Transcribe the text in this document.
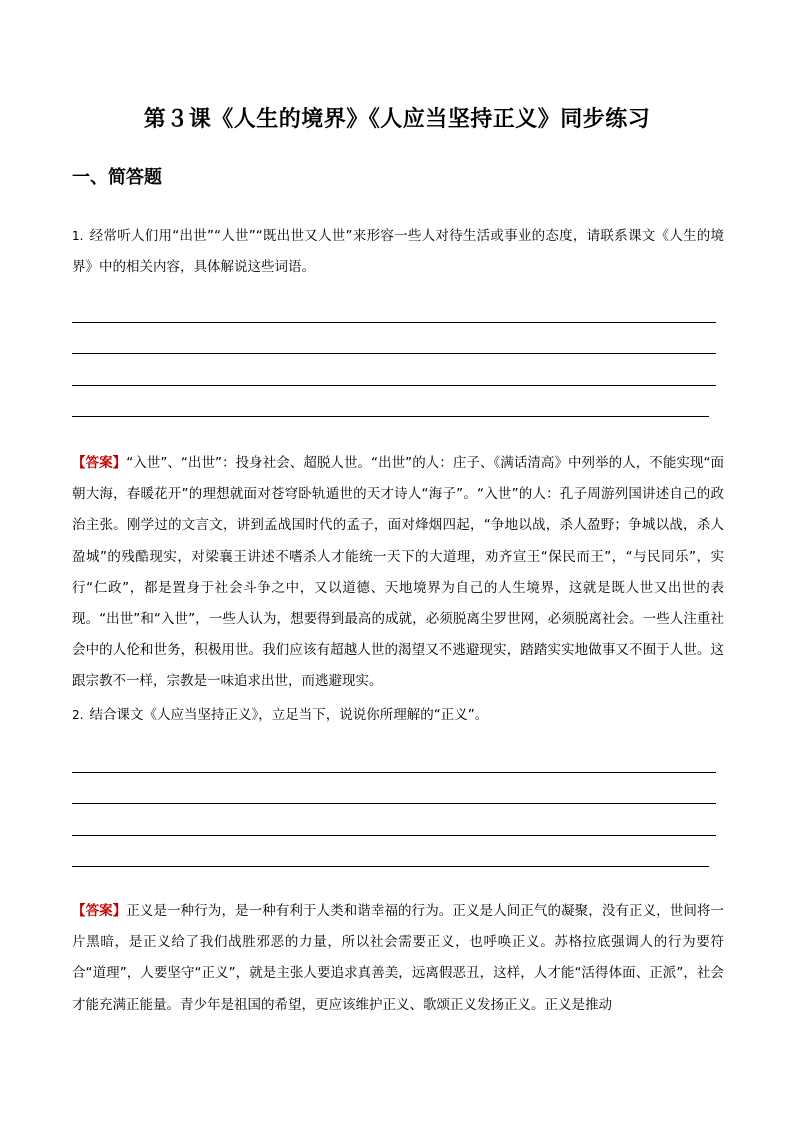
第３课《人生的境界》《人应当坚持正义》同步练习
一、简答题
1. 经常听人们用“出世”“人世”“既出世又人世”来形容一些人对待生活或事业的态度，请联系课文《人生的境界》中的相关内容，具体解说这些词语。
【答案】“入世”、“出世”：投身社会、超脱人世。“出世”的人：庄子、《满话清高》中列举的人，不能实现“面朝大海，春暖花开”的理想就面对苍穹卧轨遁世的天才诗人“海子”。“入世”的人：孔子周游列国讲述自己的政治主张。刚学过的文言文，讲到孟战国时代的孟子，面对烽烟四起，“争地以战，杀人盈野；争城以战，杀人盈城”的残酷现实，对梁襄王讲述不嗜杀人才能统一天下的大道理，劝齐宣王“保民而王”，“与民同乐”，实行“仁政”，都是置身于社会斗争之中，又以道德、天地境界为自己的人生境界，这就是既人世又出世的表现。“出世”和“入世”，一些人认为，想要得到最高的成就，必须脱离尘罗世网，必须脱离社会。一些人注重社会中的人伦和世务，积极用世。我们应该有超越人世的渴望又不逃避现实，踏踏实实地做事又不囿于人世。这跟宗教不一样，宗教是一味追求出世，而逃避现实。
2. 结合课文《人应当坚持正义》，立足当下，说说你所理解的“正义”。
【答案】正义是一种行为，是一种有利于人类和谐幸福的行为。正义是人间正气的凝聚，没有正义，世间将一片黑暗，是正义给了我们战胜邪恶的力量，所以社会需要正义，也呼唤正义。苏格拉底强调人的行为要符合“道理”，人要坚守“正义”，就是主张人要追求真善美，远离假恶丑，这样，人才能“活得体面、正派”，社会才能充满正能量。青少年是祖国的希望，更应该维护正义、歌颂正义发扬正义。正义是推动
